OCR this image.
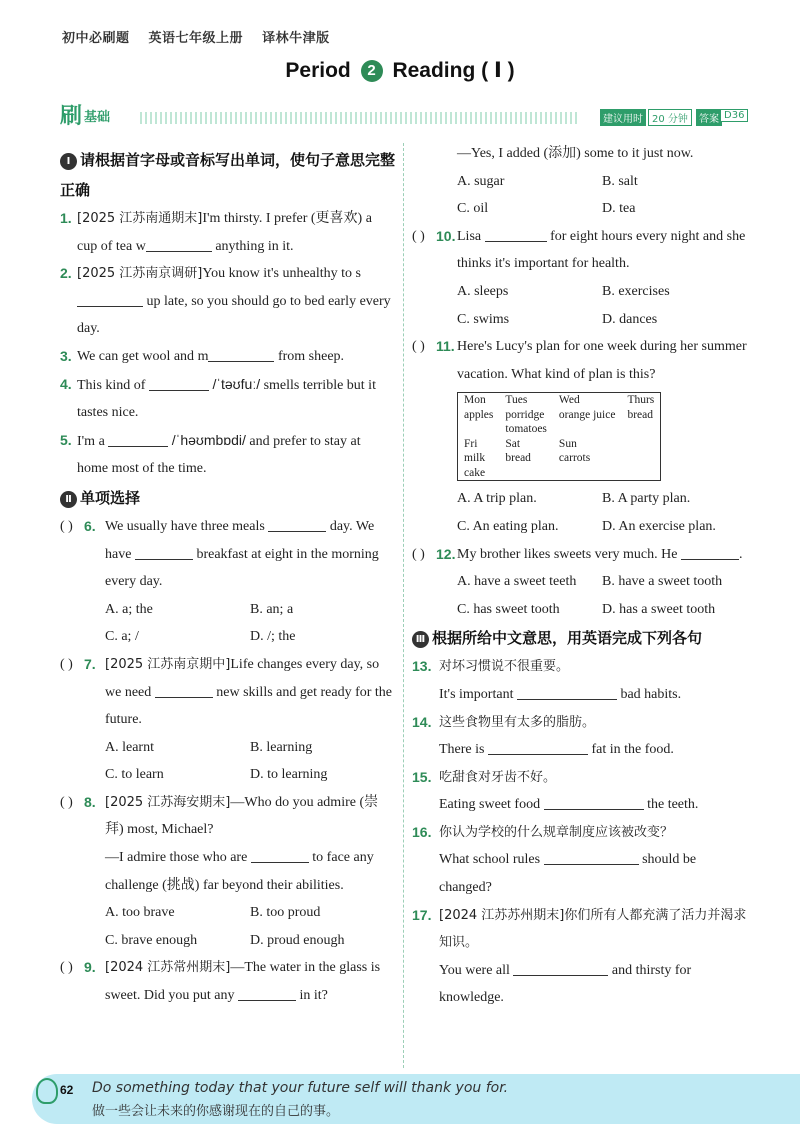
初中必刷题 英语七年级上册 译林牛津版
Period 2 Reading ( Ⅰ )
刷基础	建议用时 20 分钟	答案 D36
Ⅰ 请根据首字母或音标写出单词，使句子意思完整正确
1. [2025 江苏南通期末]I'm thirsty. I prefer (更喜欢) a cup of tea w	anything in it.
2. [2025 江苏南京调研]You know it's unhealthy to s up late, so you should go to bed early every day.
3. We can get wool and m	from sheep.
4. This kind of	/ˈtəʊfuː/ smells terrible but it tastes nice.
5. I'm a	/ˈhəʊmbɒdi/ and prefer to stay at home most of the time.
Ⅱ 单项选择
( ) 6. We usually have three meals	day. We have	breakfast at eight in the morning every day.
A. a; the	B. an; a
C. a; /	D. /; the
( ) 7. [2025 江苏南京期中]Life changes every day, so we need	new skills and get ready for the future.
A. learnt	B. learning
C. to learn	D. to learning
( ) 8. [2025 江苏海安期末]—Who do you admire (崇拜) most, Michael?
—I admire those who are	to face any challenge (挑战) far beyond their abilities.
A. too brave	B. too proud
C. brave enough	D. proud enough
( ) 9. [2024 江苏常州期末]—The water in the glass is sweet. Did you put any	in it?
—Yes, I added (添加) some to it just now.
A. sugar	B. salt
C. oil	D. tea
( ) 10. Lisa	for eight hours every night and she thinks it's important for health.
A. sleeps	B. exercises
C. swims	D. dances
( ) 11. Here's Lucy's plan for one week during her summer vacation. What kind of plan is this?
Mon	Tues	Wed	Thurs
apples	porridge	orange juice	bread
	tomatoes		
Fri	Sat	Sun	
milk	bread	carrots	
cake			
A. A trip plan.	B. A party plan.
C. An eating plan.	D. An exercise plan.
( ) 12. My brother likes sweets very much. He	.
A. have a sweet teeth	B. have a sweet tooth
C. has sweet tooth	D. has a sweet tooth
Ⅲ 根据所给中文意思，用英语完成下列各句
13. 对坏习惯说不很重要。
It's important	bad habits.
14. 这些食物里有太多的脂肪。
There is	fat in the food.
15. 吃甜食对牙齿不好。
Eating sweet food	the teeth.
16. 你认为学校的什么规章制度应该被改变？
What school rules	should be changed?
17. [2024 江苏苏州期末]你们所有人都充满了活力并渴求知识。
You were all	and thirsty for knowledge.
62 Do something today that your future self will thank you for.
做一些会让未来的你感谢现在的自己的事。
